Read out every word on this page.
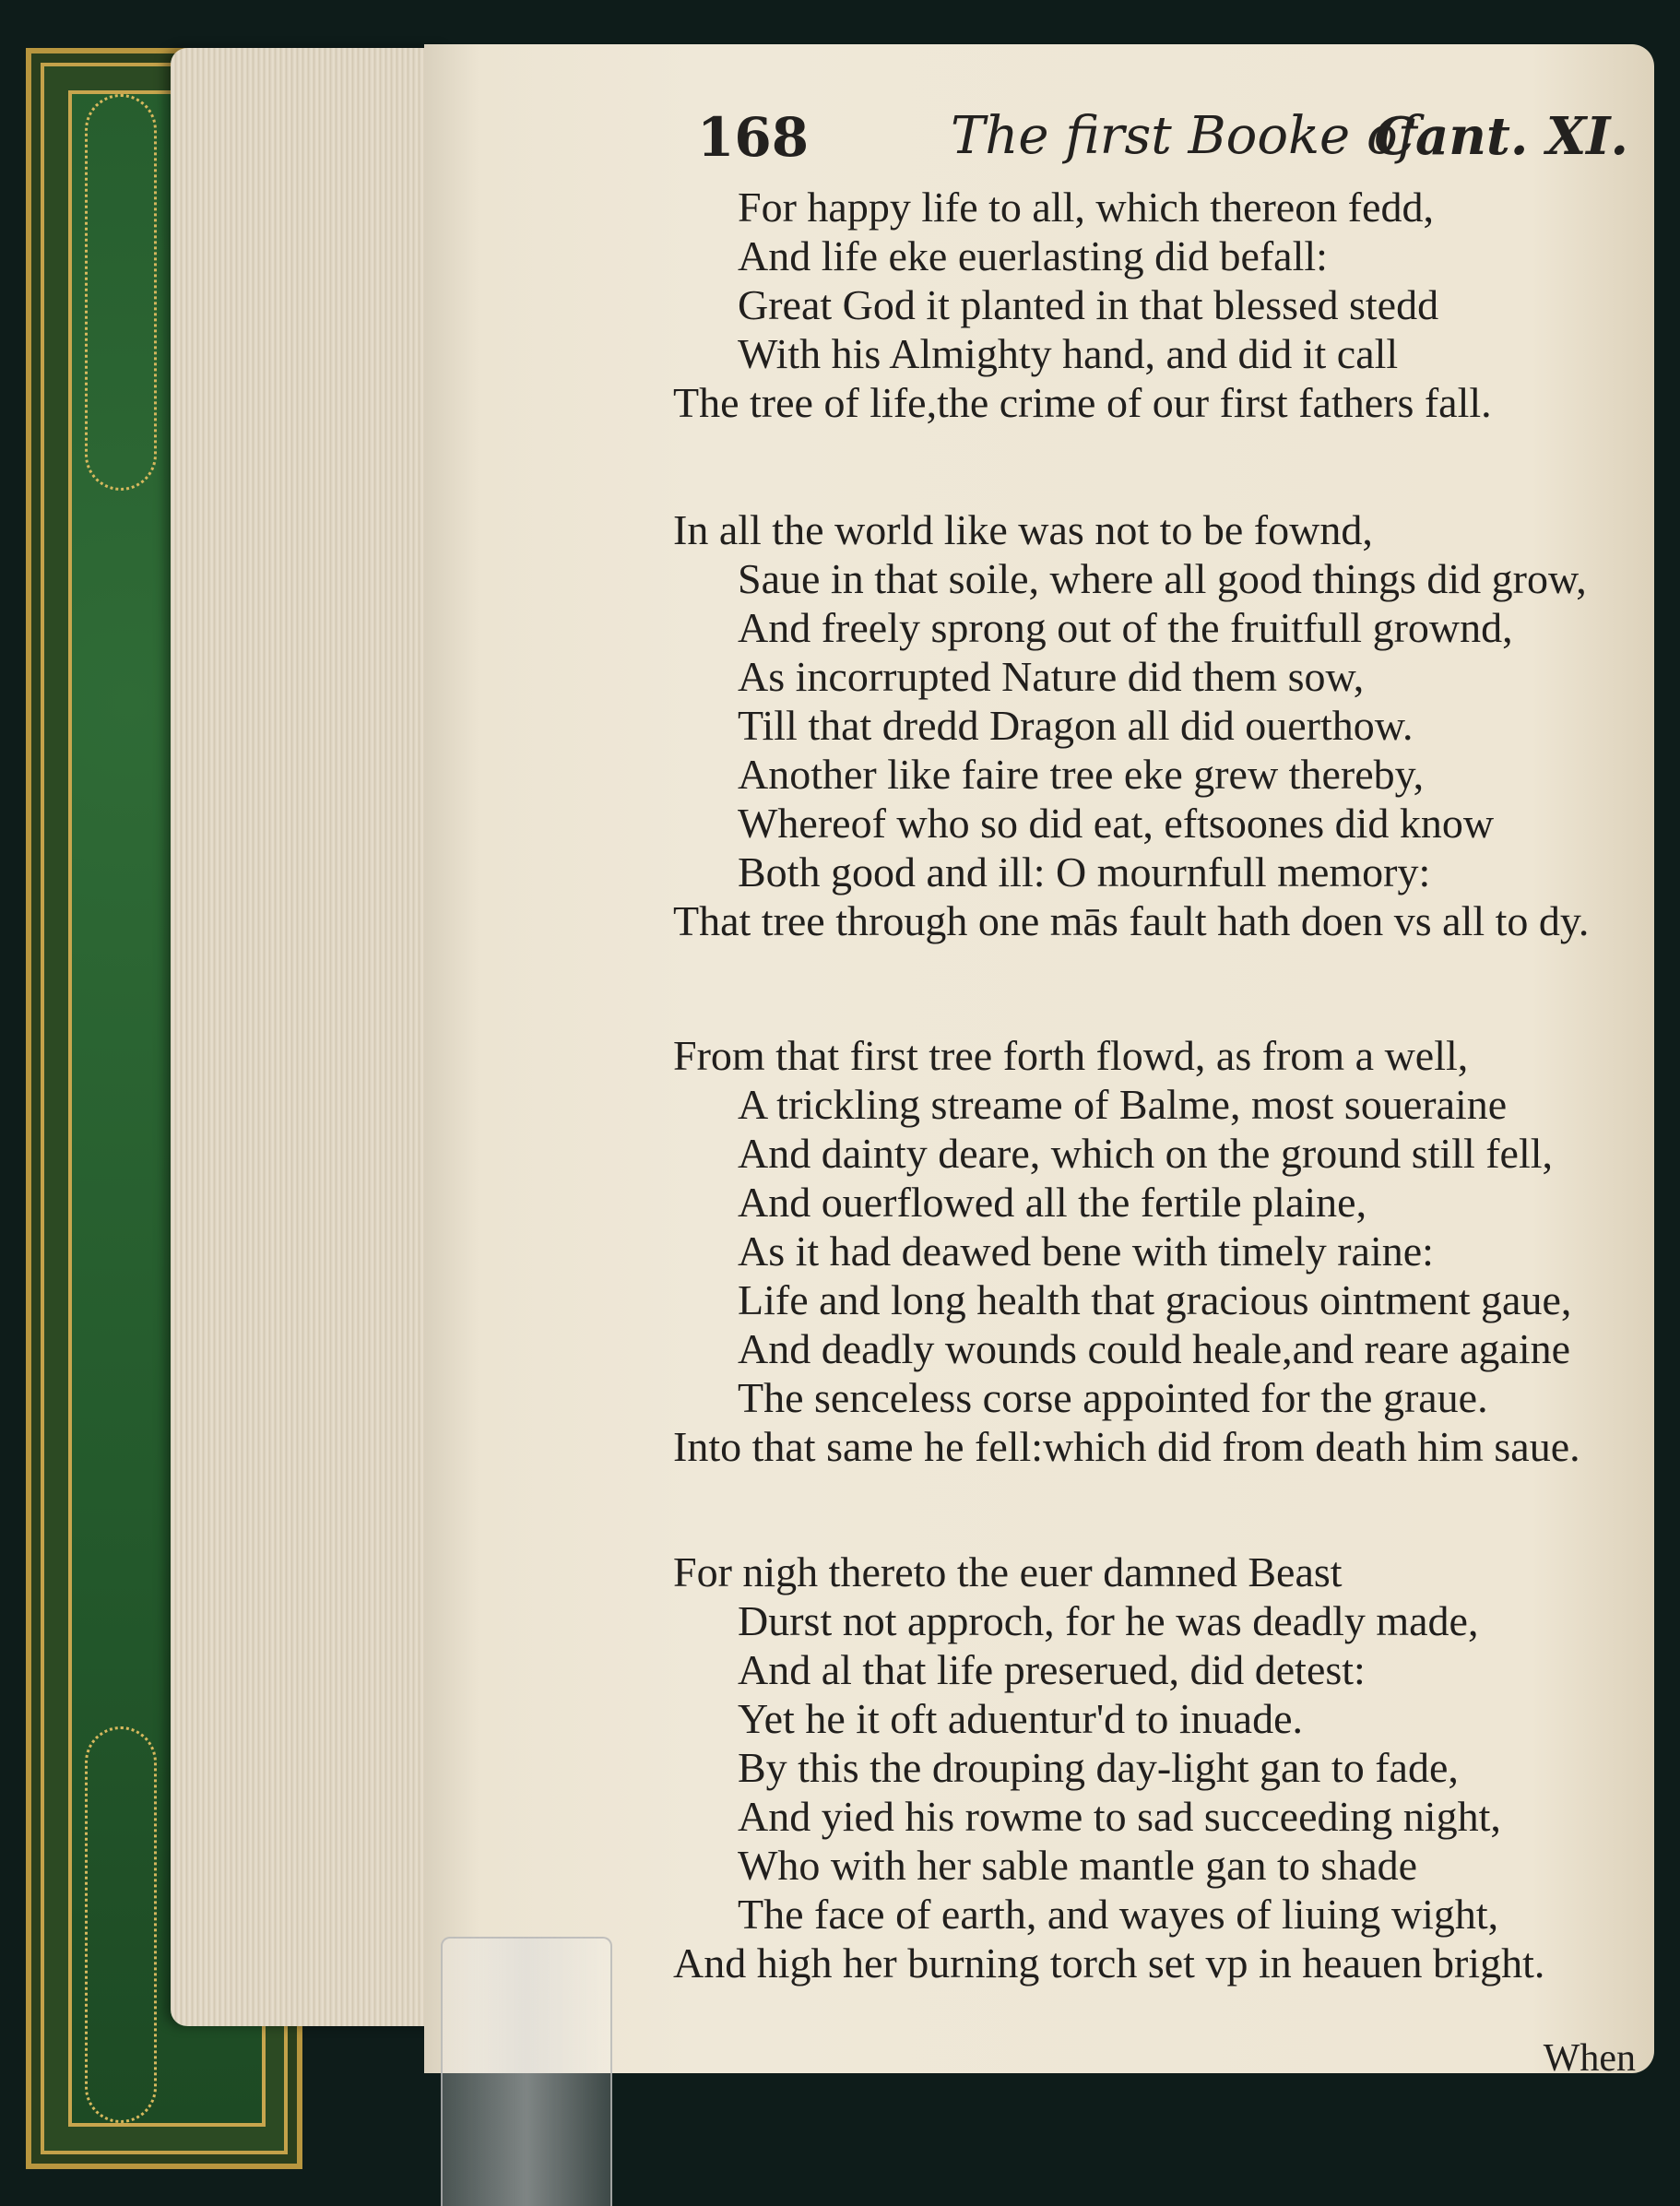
168	The first Booke of
Cant. XI.
For happy life to all, which thereon fedd,
And life eke euerlasting did befall:
Great God it planted in that blessed stedd
With his Almighty hand, and did it call
The tree of life,the crime of our first fathers fall.
In all the world like was not to be fownd,
Saue in that soile, where all good things did grow,
And freely sprong out of the fruitfull grownd,
As incorrupted Nature did them sow,
Till that dredd Dragon all did ouerthow.
Another like faire tree eke grew thereby,
Whereof who so did eat, eftsoones did know
Both good and ill: O mournfull memory:
That tree through one mās fault hath doen vs all to dy.
From that first tree forth flowd, as from a well,
A trickling streame of Balme, most soueraine
And dainty deare, which on the ground still fell,
And ouerflowed all the fertile plaine,
As it had deawed bene with timely raine:
Life and long health that gracious ointment gaue,
And deadly wounds could heale,and reare againe
The senceless corse appointed for the graue.
Into that same he fell:which did from death him saue.
For nigh thereto the euer damned Beast
Durst not approch, for he was deadly made,
And al that life preserued, did detest:
Yet he it oft aduentur'd to inuade.
By this the drouping day-light gan to fade,
And yied his rowme to sad succeeding night,
Who with her sable mantle gan to shade
The face of earth, and wayes of liuing wight,
And high her burning torch set vp in heauen bright.
When
